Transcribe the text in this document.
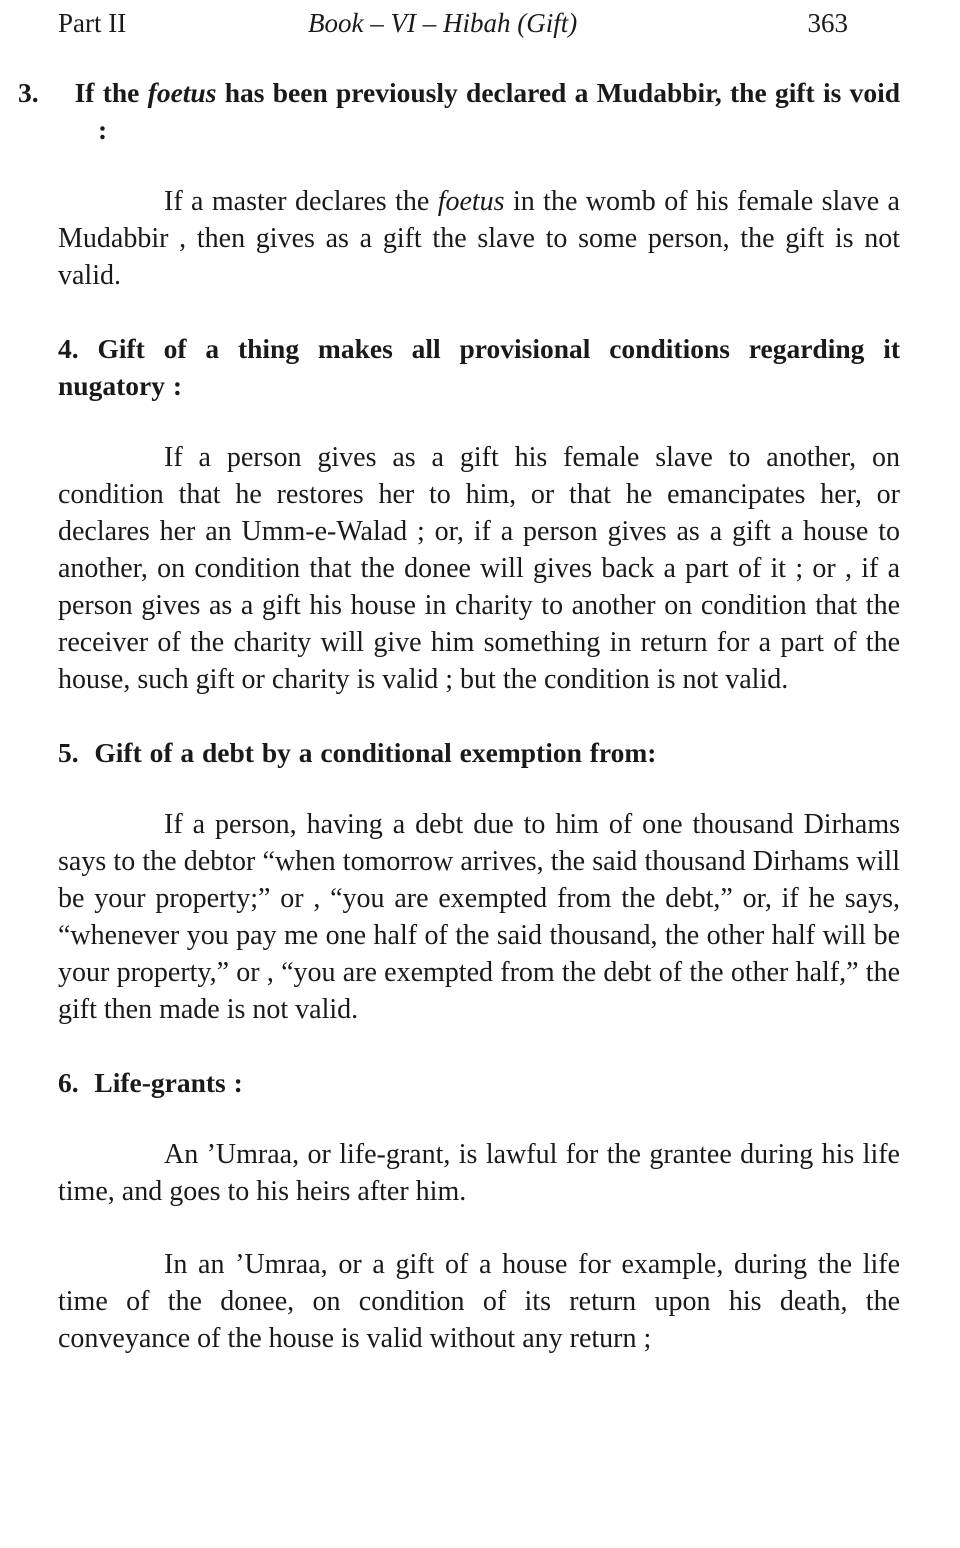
Part II	Book – VI – Hibah (Gift)	363

3. If the foetus has been previously declared a Mudabbir, the gift is void :

If a master declares the foetus in the womb of his female slave a Mudabbir , then gives as a gift the slave to some person, the gift is not valid.

4. Gift of a thing makes all provisional conditions regarding it nugatory :

If a person gives as a gift his female slave to another, on condition that he restores her to him, or that he emancipates her, or declares her an Umm-e-Walad ; or, if a person gives as a gift a house to another, on condition that the donee will gives back a part of it ; or , if a person gives as a gift his house in charity to another on condition that the receiver of the charity will give him something in return for a part of the house, such gift or charity is valid ; but the condition is not valid.

5. Gift of a debt by a conditional exemption from:

If a person, having a debt due to him of one thousand Dirhams says to the debtor “when tomorrow arrives, the said thousand Dirhams will be your property;” or , “you are exempted from the debt,” or, if he says, “whenever you pay me one half of the said thousand, the other half will be your property,” or , “you are exempted from the debt of the other half,” the gift then made is not valid.

6. Life-grants :

An ’Umraa, or life-grant, is lawful for the grantee during his life time, and goes to his heirs after him.

In an ’Umraa, or a gift of a house for example, during the life time of the donee, on condition of its return upon his death, the conveyance of the house is valid without any return ;
